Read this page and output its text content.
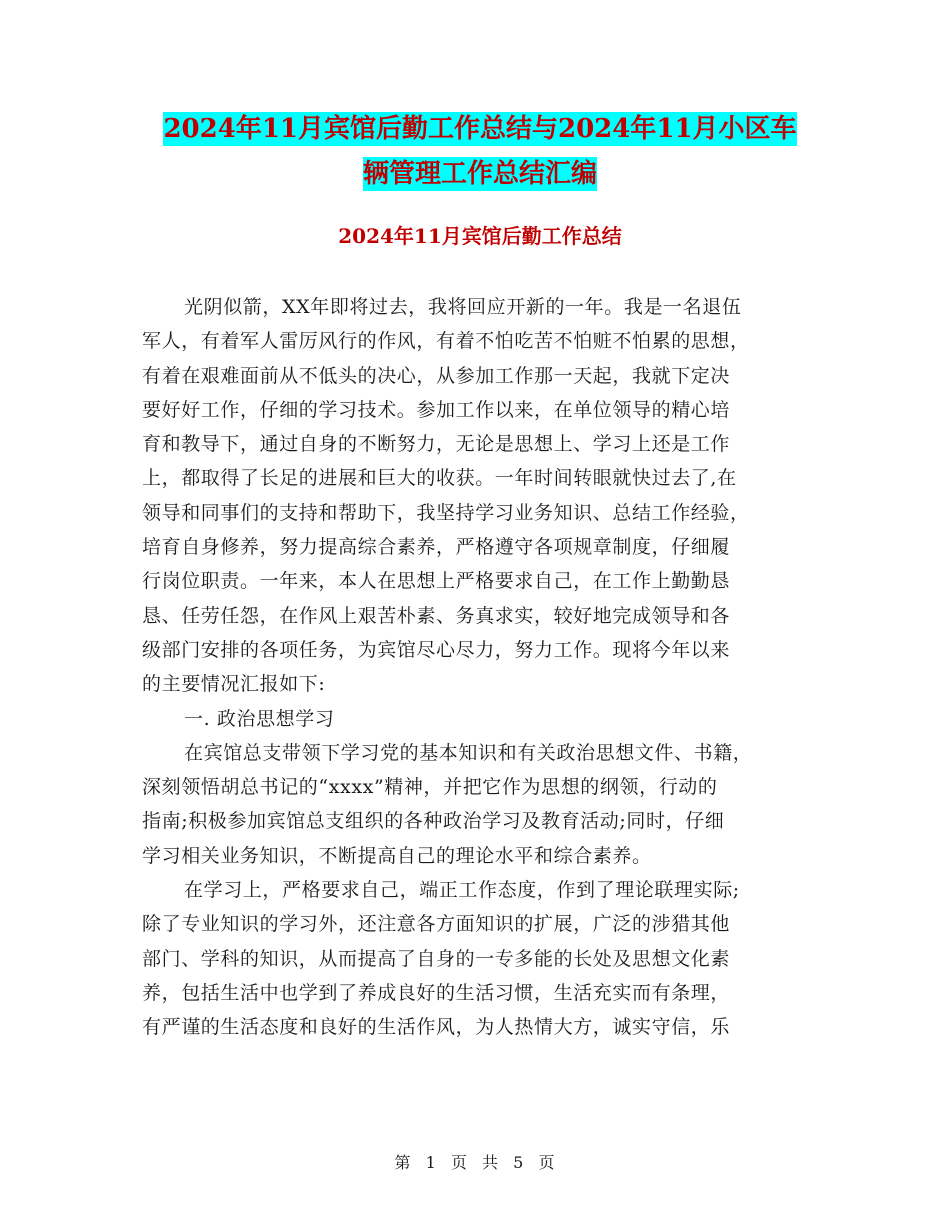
2024年11月宾馆后勤工作总结与2024年11月小区车
辆管理工作总结汇编
2024年11月宾馆后勤工作总结
光阴似箭，XX年即将过去，我将回应开新的一年。我是一名退伍
军人，有着军人雷厉风行的作风，有着不怕吃苦不怕赃不怕累的思想，
有着在艰难面前从不低头的决心，从参加工作那一天起，我就下定决
要好好工作，仔细的学习技术。参加工作以来，在单位领导的精心培
育和教导下，通过自身的不断努力，无论是思想上、学习上还是工作
上，都取得了长足的进展和巨大的收获。一年时间转眼就快过去了,在
领导和同事们的支持和帮助下，我坚持学习业务知识、总结工作经验，
培育自身修养，努力提高综合素养，严格遵守各项规章制度，仔细履
行岗位职责。一年来，本人在思想上严格要求自己，在工作上勤勤恳
恳、任劳任怨，在作风上艰苦朴素、务真求实，较好地完成领导和各
级部门安排的各项任务，为宾馆尽心尽力，努力工作。现将今年以来
的主要情况汇报如下:
一. 政治思想学习
在宾馆总支带领下学习党的基本知识和有关政治思想文件、书籍，
深刻领悟胡总书记的“xxxx”精神，并把它作为思想的纲领，行动的
指南;积极参加宾馆总支组织的各种政治学习及教育活动;同时，仔细
学习相关业务知识，不断提高自己的理论水平和综合素养。
在学习上，严格要求自己，端正工作态度，作到了理论联理实际;
除了专业知识的学习外，还注意各方面知识的扩展，广泛的涉猎其他
部门、学科的知识，从而提高了自身的一专多能的长处及思想文化素
养，包括生活中也学到了养成良好的生活习惯，生活充实而有条理，
有严谨的生活态度和良好的生活作风，为人热情大方，诚实守信，乐
第 1 页 共 5 页
